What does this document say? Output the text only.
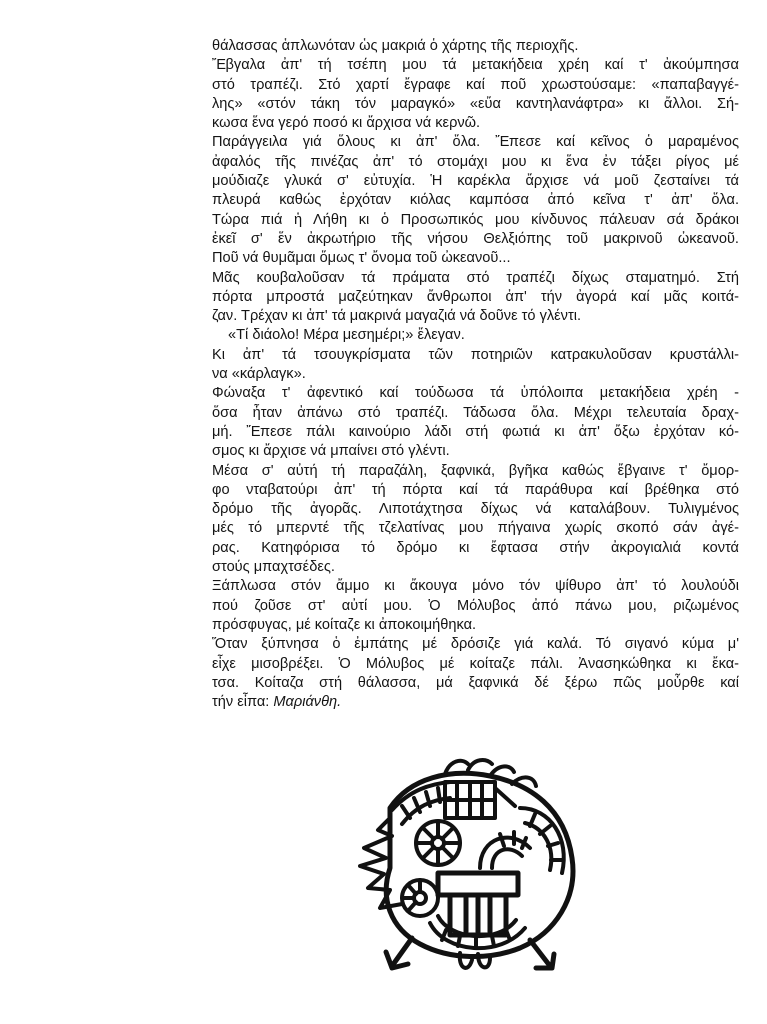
θάλασσας ἁπλωνόταν ὡς μακριά ὁ χάρτης τῆς περιοχῆς.
Ἔβγαλα ἀπ' τή τσέπη μου τά μετακήδεια χρέη καί τ' ἀκούμπησα
στό τραπέζι. Στό χαρτί ἔγραφε καί ποῦ χρωστούσαμε: «παπαβαγγέ-
λης» «στόν τάκη τόν μαραγκό» «εὔα καντηλανάφτρα» κι ἄλλοι. Σή-
κωσα ἕνα γερό ποσό κι ἄρχισα νά κερνῶ.
Παράγγειλα γιά ὅλους κι ἀπ' ὅλα. Ἔπεσε καί κεῖνος ὁ μαραμένος
ἀφαλός τῆς πινέζας ἀπ' τό στομάχι μου κι ἕνα ἐν τάξει ρίγος μέ
μούδιαζε γλυκά σ' εὐτυχία. Ἡ καρέκλα ἄρχισε νά μοῦ ζεσταίνει τά
πλευρά καθώς ἐρχόταν κιόλας καμπόσα ἀπό κεῖνα τ' ἀπ' ὅλα.
Τώρα πιά ἡ Λήθη κι ὁ Προσωπικός μου κίνδυνος πάλευαν σά δράκοι
ἐκεῖ σ' ἕν ἀκρωτήριο τῆς νήσου Θελξιόπης τοῦ μακρινοῦ ὠκεανοῦ.
Ποῦ νά θυμᾶμαι ὅμως τ' ὄνομα τοῦ ὠκεανοῦ...
Μᾶς κουβαλοῦσαν τά πράματα στό τραπέζι δίχως σταματημό. Στή
πόρτα μπροστά μαζεύτηκαν ἄνθρωποι ἀπ' τήν ἀγορά καί μᾶς κοιτά-
ζαν. Τρέχαν κι ἀπ' τά μακρινά μαγαζιά νά δοῦνε τό γλέντι.
«Τί διάολο! Μέρα μεσημέρι;» ἔλεγαν.
Κι ἀπ' τά τσουγκρίσματα τῶν ποτηριῶν κατρακυλοῦσαν κρυστάλλι-
να «κάρλαγκ».
Φώναξα τ' ἀφεντικό καί τούδωσα τά ὑπόλοιπα μετακήδεια χρέη -
ὅσα ἦταν ἀπάνω στό τραπέζι. Τάδωσα ὅλα. Μέχρι τελευταία δραχ-
μή. Ἔπεσε πάλι καινούριο λάδι στή φωτιά κι ἀπ' ὄξω ἐρχόταν κό-
σμος κι ἄρχισε νά μπαίνει στό γλέντι.
Μέσα σ' αὐτή τή παραζάλη, ξαφνικά, βγῆκα καθώς ἔβγαινε τ' ὄμορ-
φο νταβατούρι ἀπ' τή πόρτα καί τά παράθυρα καί βρέθηκα στό
δρόμο τῆς ἀγορᾶς. Λιποτάχτησα δίχως νά καταλάβουν. Τυλιγμένος
μές τό μπερντέ τῆς τζελατίνας μου πήγαινα χωρίς σκοπό σάν ἀγέ-
ρας. Κατηφόρισα τό δρόμο κι ἔφτασα στήν ἀκρογιαλιά κοντά
στούς μπαχτσέδες.
Ξάπλωσα στόν ἄμμο κι ἄκουγα μόνο τόν ψίθυρο ἀπ' τό λουλούδι
πού ζοῦσε στ' αὐτί μου. Ὁ Μόλυβος ἀπό πάνω μου, ριζωμένος
πρόσφυγας, μέ κοίταζε κι ἀποκοιμήθηκα.
Ὅταν ξύπνησα ὁ ἐμπάτης μέ δρόσιζε γιά καλά. Τό σιγανό κύμα μ'
εἶχε μισοβρέξει. Ὁ Μόλυβος μέ κοίταζε πάλι. Ἀνασηκώθηκα κι ἔκα-
τσα. Κοίταζα στή θάλασσα, μά ξαφνικά δέ ξέρω πῶς μοὖρθε καί
τήν εἶπα: Μαριάνθη.
